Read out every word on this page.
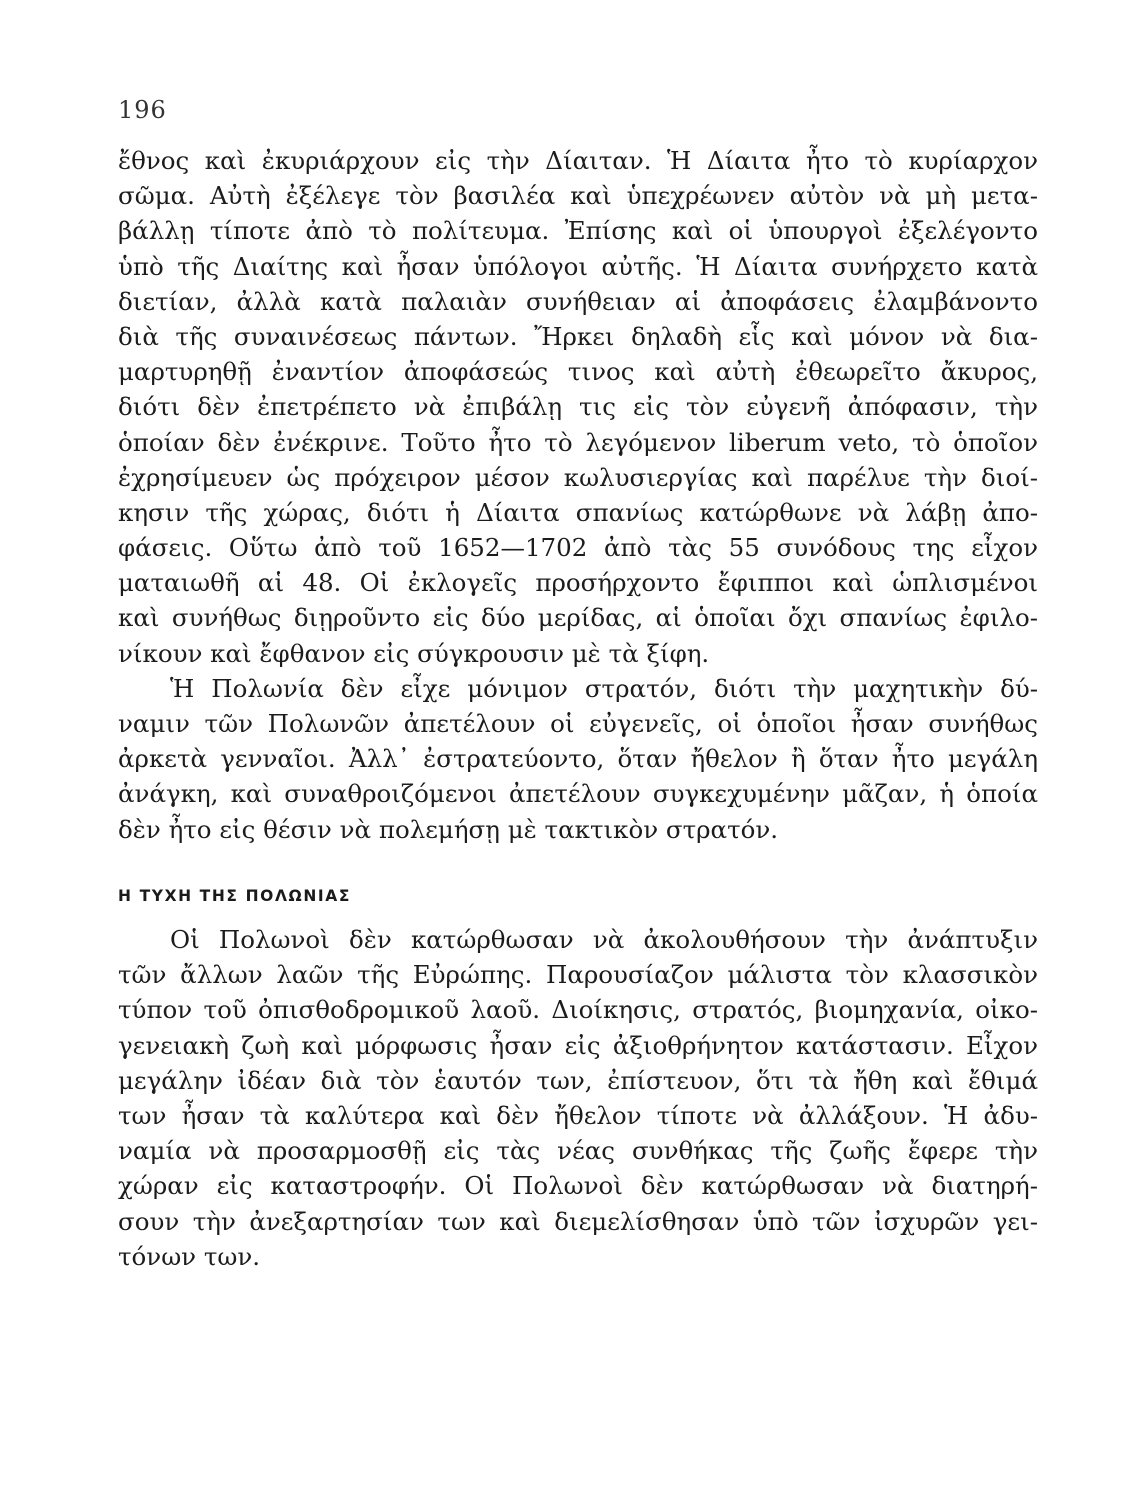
196
ἔθνος καὶ ἐκυριάρχουν εἰς τὴν Δίαιταν. Ἡ Δίαιτα ἦτο τὸ κυρίαρχον
σῶμα. Αὐτὴ ἐξέλεγε τὸν βασιλέα καὶ ὑπεχρέωνεν αὐτὸν νὰ μὴ μετα-
βάλλῃ τίποτε ἀπὸ τὸ πολίτευμα. Ἐπίσης καὶ οἱ ὑπουργοὶ ἐξελέγοντο
ὑπὸ τῆς Διαίτης καὶ ἦσαν ὑπόλογοι αὐτῆς. Ἡ Δίαιτα συνήρχετο κατὰ
διετίαν, ἀλλὰ κατὰ παλαιὰν συνήθειαν αἱ ἀποφάσεις ἐλαμβάνοντο
διὰ τῆς συναινέσεως πάντων. Ἤρκει δηλαδὴ εἷς καὶ μόνον νὰ δια-
μαρτυρηθῇ ἐναντίον ἀποφάσεώς τινος καὶ αὐτὴ ἐθεωρεῖτο ἄκυρος,
διότι δὲν ἐπετρέπετο νὰ ἐπιβάλῃ τις εἰς τὸν εὐγενῆ ἀπόφασιν, τὴν
ὁποίαν δὲν ἐνέκρινε. Τοῦτο ἦτο τὸ λεγόμενον liberum veto, τὸ ὁποῖον
ἐχρησίμευεν ὡς πρόχειρον μέσον κωλυσιεργίας καὶ παρέλυε τὴν διοί-
κησιν τῆς χώρας, διότι ἡ Δίαιτα σπανίως κατώρθωνε νὰ λάβῃ ἀπο-
φάσεις. Οὕτω ἀπὸ τοῦ 1652—1702 ἀπὸ τὰς 55 συνόδους της εἶχον
ματαιωθῆ αἱ 48. Οἱ ἐκλογεῖς προσήρχοντο ἔφιπποι καὶ ὡπλισμένοι
καὶ συνήθως διῃροῦντο εἰς δύο μερίδας, αἱ ὁποῖαι ὄχι σπανίως ἐφιλο-
νίκουν καὶ ἔφθανον εἰς σύγκρουσιν μὲ τὰ ξίφη.
Ἡ Πολωνία δὲν εἶχε μόνιμον στρατόν, διότι τὴν μαχητικὴν δύ-
ναμιν τῶν Πολωνῶν ἀπετέλουν οἱ εὐγενεῖς, οἱ ὁποῖοι ἦσαν συνήθως
ἀρκετὰ γενναῖοι. Ἀλλ᾽ ἐστρατεύοντο, ὅταν ἤθελον ἢ ὅταν ἦτο μεγάλη
ἀνάγκη, καὶ συναθροιζόμενοι ἀπετέλουν συγκεχυμένην μᾶζαν, ἡ ὁποία
δὲν ἦτο εἰς θέσιν νὰ πολεμήσῃ μὲ τακτικὸν στρατόν.
Η ΤΥΧΗ ΤΗΣ ΠΟΛΩΝΙΑΣ
Οἱ Πολωνοὶ δὲν κατώρθωσαν νὰ ἀκολουθήσουν τὴν ἀνάπτυξιν
τῶν ἄλλων λαῶν τῆς Εὐρώπης. Παρουσίαζον μάλιστα τὸν κλασσικὸν
τύπον τοῦ ὀπισθοδρομικοῦ λαοῦ. Διοίκησις, στρατός, βιομηχανία, οἰκο-
γενειακὴ ζωὴ καὶ μόρφωσις ἦσαν εἰς ἀξιοθρήνητον κατάστασιν. Εἶχον
μεγάλην ἰδέαν διὰ τὸν ἑαυτόν των, ἐπίστευον, ὅτι τὰ ἤθη καὶ ἔθιμά
των ἦσαν τὰ καλύτερα καὶ δὲν ἤθελον τίποτε νὰ ἀλλάξουν. Ἡ ἀδυ-
ναμία νὰ προσαρμοσθῇ εἰς τὰς νέας συνθήκας τῆς ζωῆς ἔφερε τὴν
χώραν εἰς καταστροφήν. Οἱ Πολωνοὶ δὲν κατώρθωσαν νὰ διατηρή-
σουν τὴν ἀνεξαρτησίαν των καὶ διεμελίσθησαν ὑπὸ τῶν ἰσχυρῶν γει-
τόνων των.
